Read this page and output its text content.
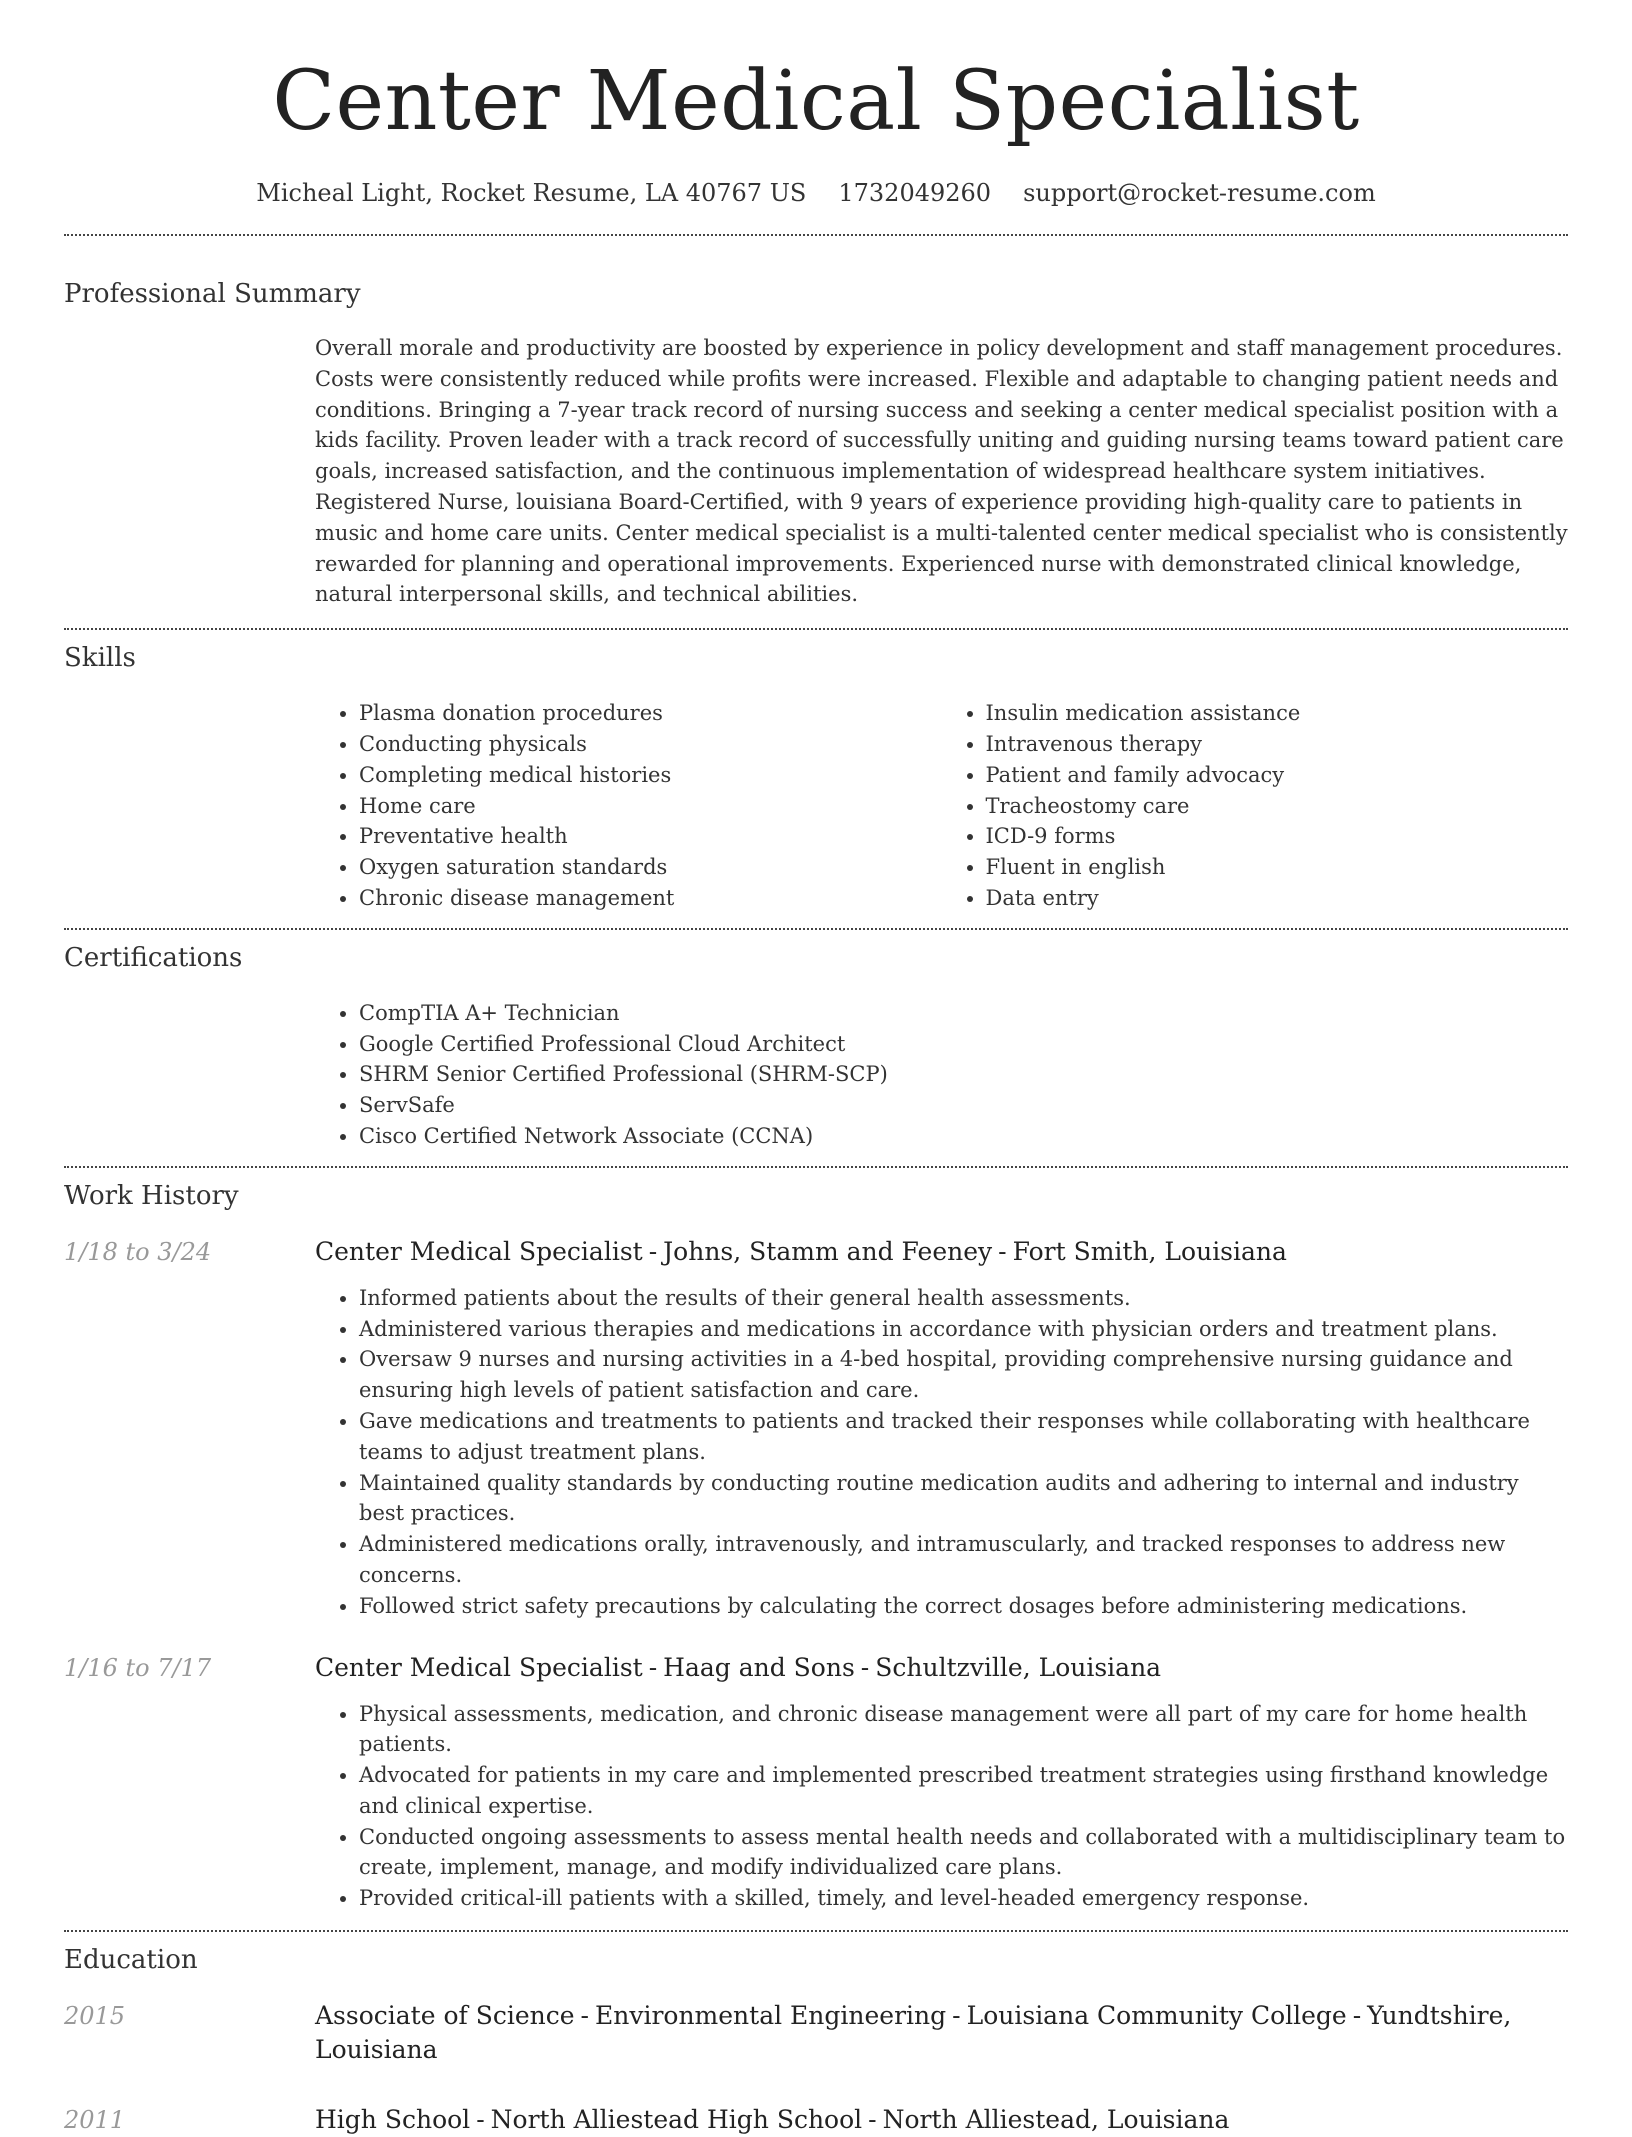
Center Medical Specialist
Micheal Light, Rocket Resume, LA 40767 US 1732049260 support@rocket-resume.com
Professional Summary

Overall morale and productivity are boosted by experience in policy development and staff management procedures. Costs were consistently reduced while profits were increased. Flexible and adaptable to changing patient needs and conditions. Bringing a 7-year track record of nursing success and seeking a center medical specialist position with a kids facility. Proven leader with a track record of successfully uniting and guiding nursing teams toward patient care goals, increased satisfaction, and the continuous implementation of widespread healthcare system initiatives. Registered Nurse, louisiana Board-Certified, with 9 years of experience providing high-quality care to patients in music and home care units. Center medical specialist is a multi-talented center medical specialist who is consistently rewarded for planning and operational improvements. Experienced nurse with demonstrated clinical knowledge, natural interpersonal skills, and technical abilities.

Skills
• Plasma donation procedures
• Conducting physicals
• Completing medical histories
• Home care
• Preventative health
• Oxygen saturation standards
• Chronic disease management
• Insulin medication assistance
• Intravenous therapy
• Patient and family advocacy
• Tracheostomy care
• ICD-9 forms
• Fluent in english
• Data entry
Certifications
• CompTIA A+ Technician
• Google Certified Professional Cloud Architect
• SHRM Senior Certified Professional (SHRM-SCP)
• ServSafe
• Cisco Certified Network Associate (CCNA)
Work History
1/18 to 3/24	Center Medical Specialist - Johns, Stamm and Feeney - Fort Smith, Louisiana
• Informed patients about the results of their general health assessments.
• Administered various therapies and medications in accordance with physician orders and treatment plans.
• Oversaw 9 nurses and nursing activities in a 4-bed hospital, providing comprehensive nursing guidance and ensuring high levels of patient satisfaction and care.
• Gave medications and treatments to patients and tracked their responses while collaborating with healthcare teams to adjust treatment plans.
• Maintained quality standards by conducting routine medication audits and adhering to internal and industry best practices.
• Administered medications orally, intravenously, and intramuscularly, and tracked responses to address new concerns.
• Followed strict safety precautions by calculating the correct dosages before administering medications.
1/16 to 7/17	Center Medical Specialist - Haag and Sons - Schultzville, Louisiana
• Physical assessments, medication, and chronic disease management were all part of my care for home health patients.
• Advocated for patients in my care and implemented prescribed treatment strategies using firsthand knowledge and clinical expertise.
• Conducted ongoing assessments to assess mental health needs and collaborated with a multidisciplinary team to create, implement, manage, and modify individualized care plans.
• Provided critical-ill patients with a skilled, timely, and level-headed emergency response.
Education
2015	Associate of Science - Environmental Engineering - Louisiana Community College - Yundtshire, Louisiana
2011	High School - North Alliestead High School - North Alliestead, Louisiana
